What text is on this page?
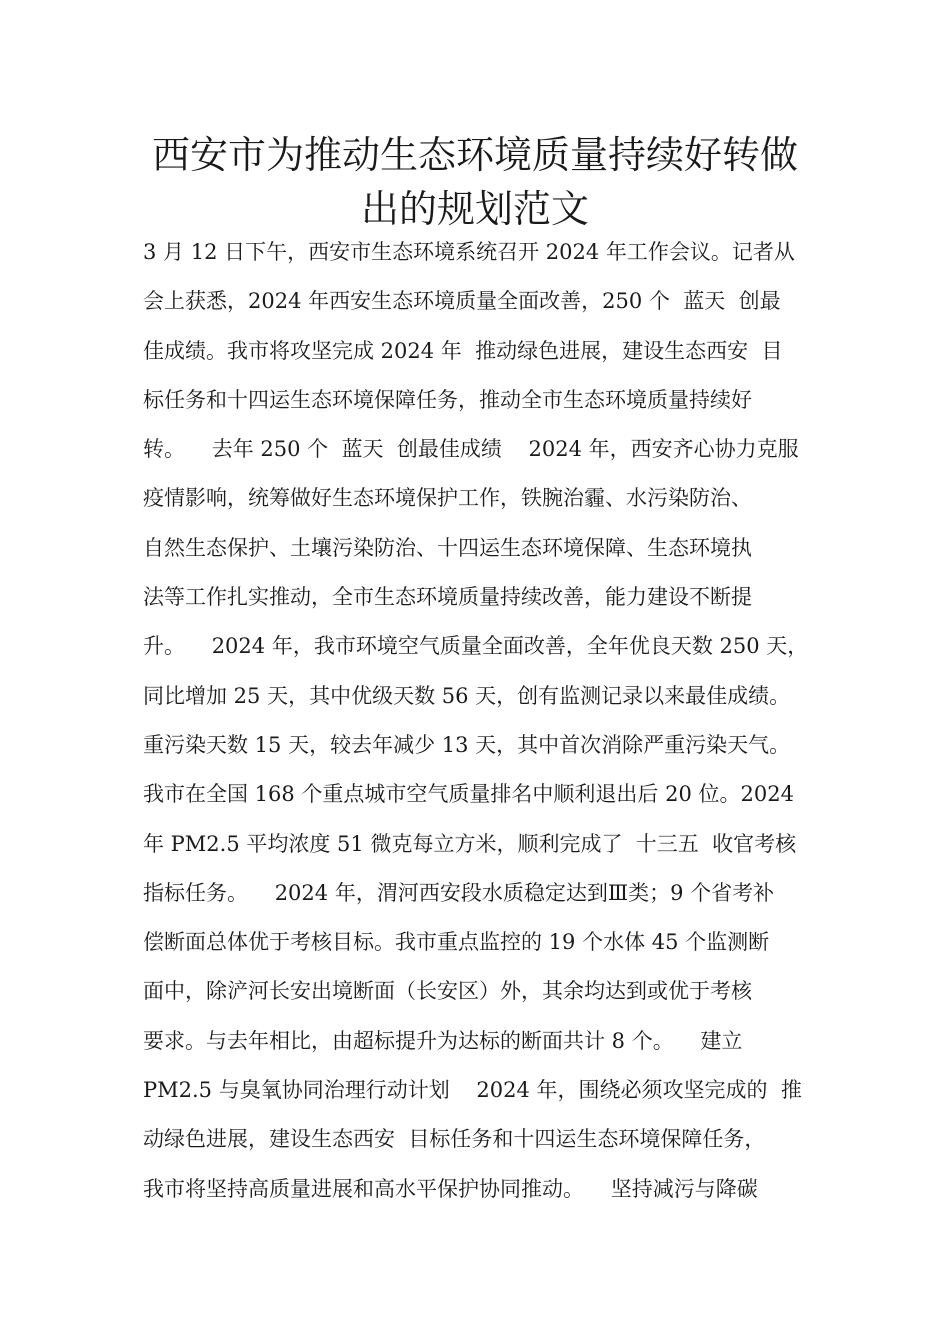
西安市为推动生态环境质量持续好转做
出的规划范文
3 月 12 日下午，西安市生态环境系统召开 2024 年工作会议。记者从
会上获悉，2024 年西安生态环境质量全面改善，250 个  蓝天  创最
佳成绩。我市将攻坚完成 2024 年  推动绿色进展，建设生态西安  目
标任务和十四运生态环境保障任务，推动全市生态环境质量持续好
转。    去年 250 个  蓝天  创最佳成绩    2024 年，西安齐心协力克服
疫情影响，统筹做好生态环境保护工作，铁腕治霾、水污染防治、
自然生态保护、土壤污染防治、十四运生态环境保障、生态环境执
法等工作扎实推动，全市生态环境质量持续改善，能力建设不断提
升。    2024 年，我市环境空气质量全面改善，全年优良天数 250 天，
同比增加 25 天，其中优级天数 56 天，创有监测记录以来最佳成绩。
重污染天数 15 天，较去年减少 13 天，其中首次消除严重污染天气。
我市在全国 168 个重点城市空气质量排名中顺利退出后 20 位。2024
年 PM2.5 平均浓度 51 微克每立方米，顺利完成了  十三五  收官考核
指标任务。    2024 年，渭河西安段水质稳定达到Ⅲ类；9 个省考补
偿断面总体优于考核目标。我市重点监控的 19 个水体 45 个监测断
面中，除浐河长安出境断面（长安区）外，其余均达到或优于考核
要求。与去年相比，由超标提升为达标的断面共计 8 个。    建立
PM2.5 与臭氧协同治理行动计划    2024 年，围绕必须攻坚完成的  推
动绿色进展，建设生态西安  目标任务和十四运生态环境保障任务，
我市将坚持高质量进展和高水平保护协同推动。    坚持减污与降碳
